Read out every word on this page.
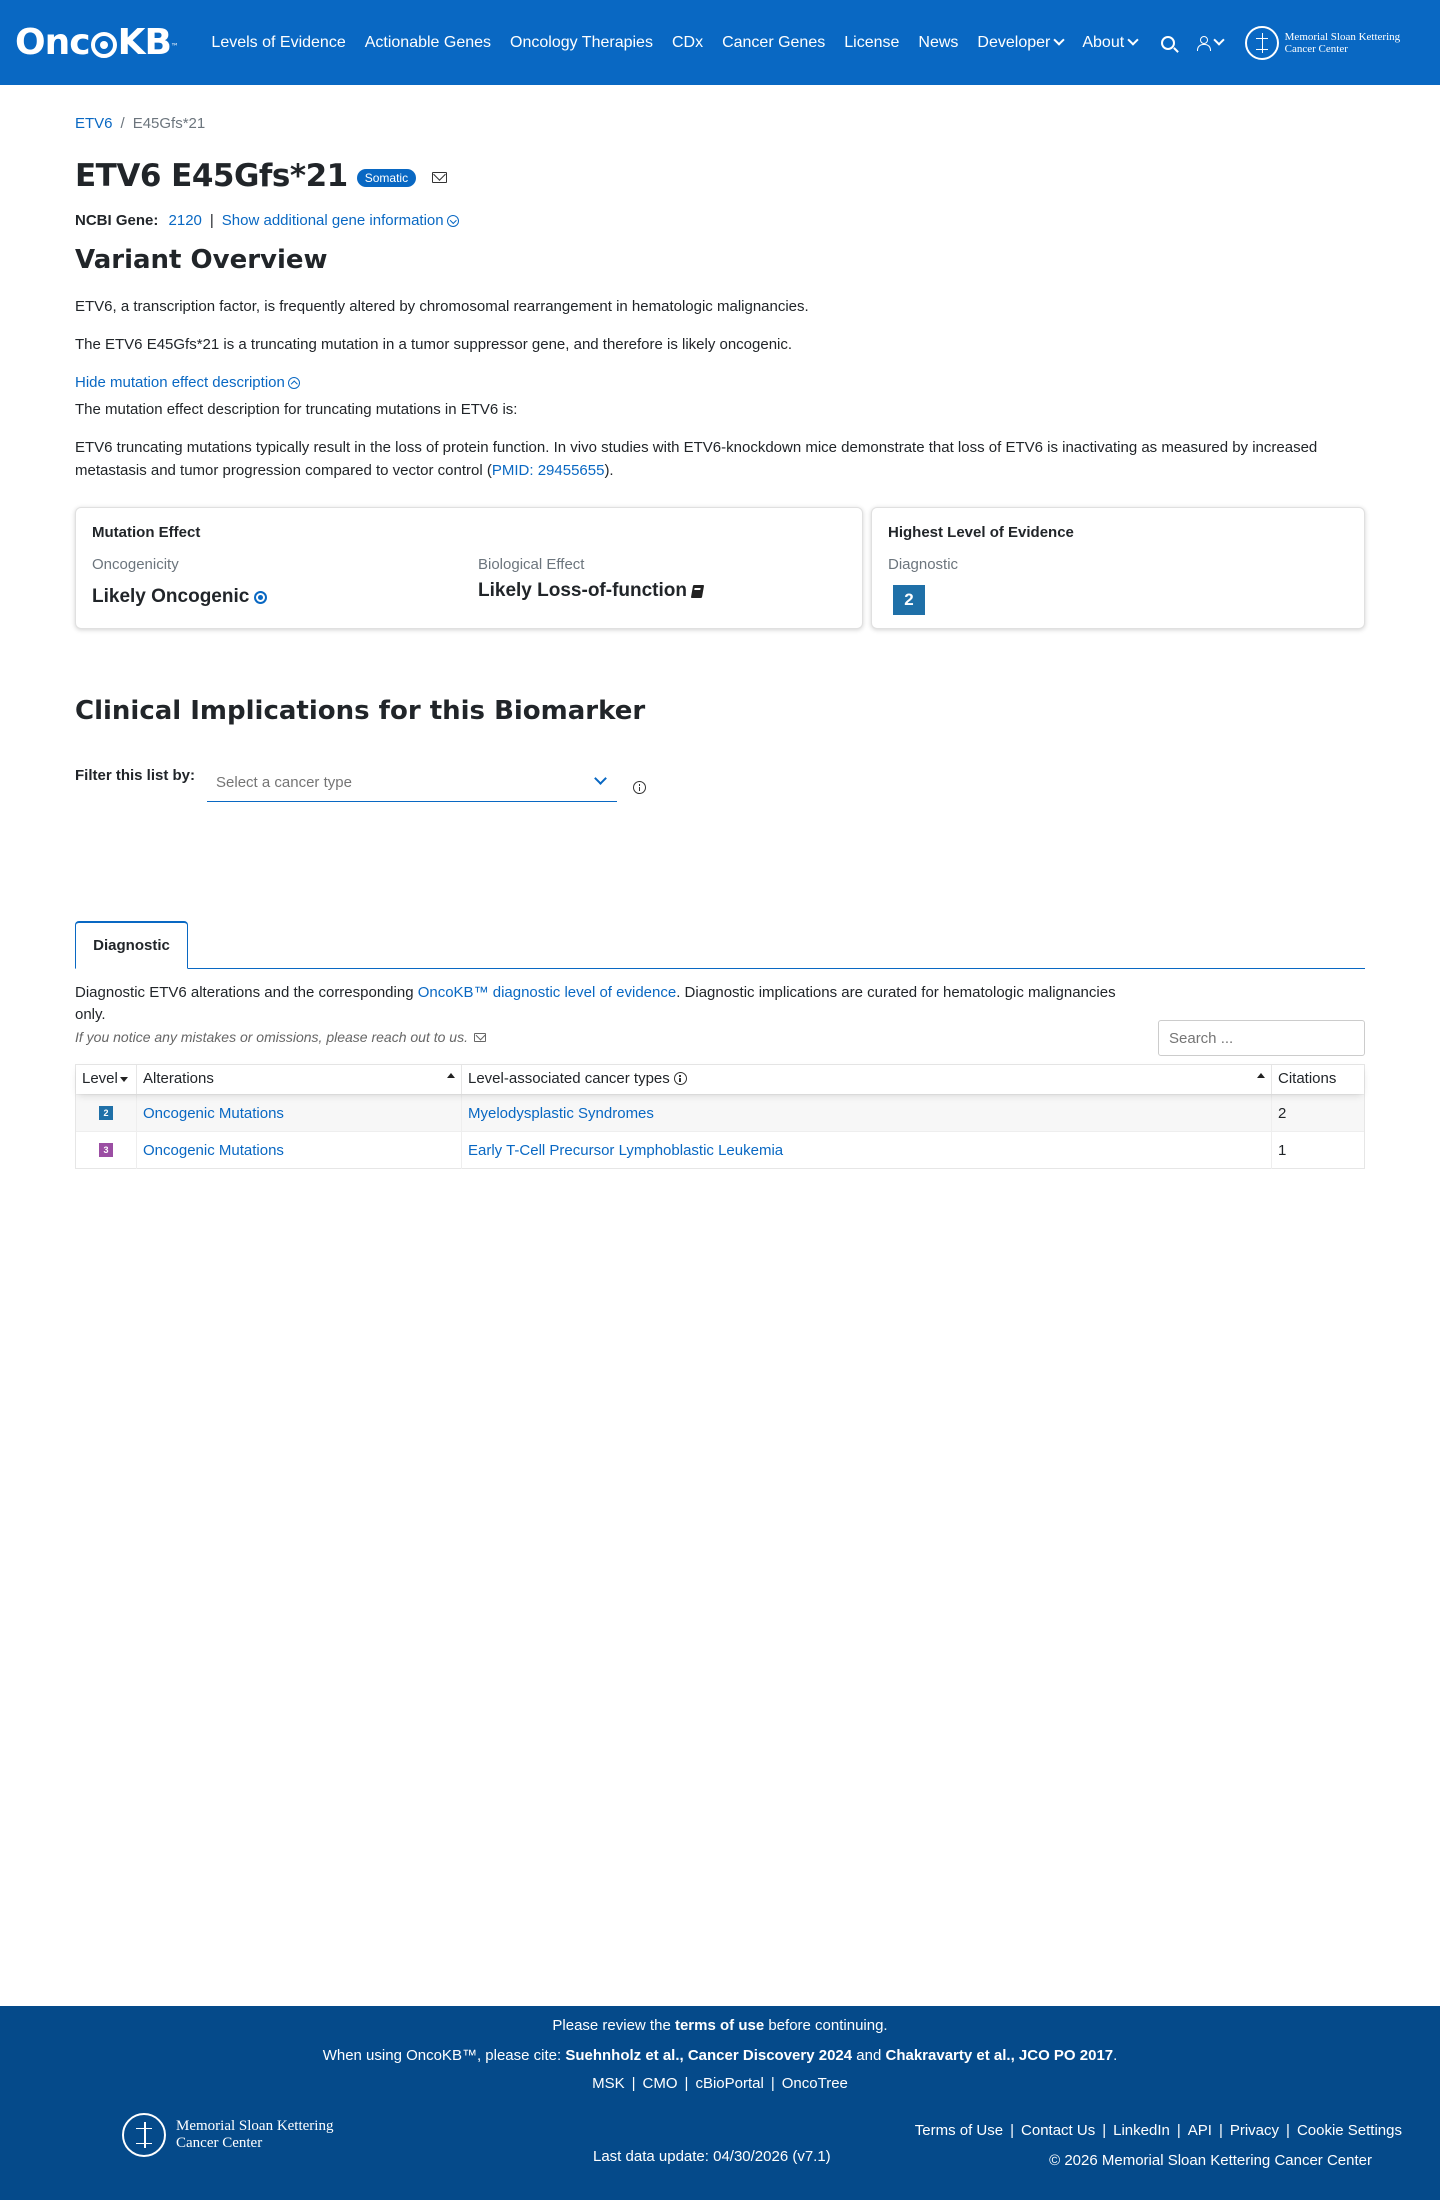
Onc KB ™ Levels of Evidence Actionable Genes Oncology Therapies CDx Cancer Genes License News Developer About	Memorial Sloan Kettering
Cancer Center
ETV6 / E45Gfs*21
ETV6 E45Gfs*21	Somatic
NCBI Gene: 2120 | Show additional gene information
Variant Overview

ETV6, a transcription factor, is frequently altered by chromosomal rearrangement in hematologic malignancies.

The ETV6 E45Gfs*21 is a truncating mutation in a tumor suppressor gene, and therefore is likely oncogenic.

Hide mutation effect description

The mutation effect description for truncating mutations in ETV6 is:

ETV6 truncating mutations typically result in the loss of protein function. In vivo studies with ETV6-knockdown mice demonstrate that loss of ETV6 is inactivating as measured by increased metastasis and tumor progression compared to vector control (PMID: 29455655).

Mutation Effect
Oncogenicity
Likely Oncogenic
Biological Effect
Likely Loss-of-function
Highest Level of Evidence
Diagnostic
2
Clinical Implications for this Biomarker
Filter this list by: Select a cancer type
Diagnostic

Diagnostic ETV6 alterations and the corresponding OncoKB™ diagnostic level of evidence. Diagnostic implications are curated for hematologic malignancies only.

If you notice any mistakes or omissions, please reach out to us.

Search ...
Level	Alterations	Level-associated cancer types	Citations
2	Oncogenic Mutations	Myelodysplastic Syndromes	2
3	Oncogenic Mutations	Early T-Cell Precursor Lymphoblastic Leukemia	1
Please review the terms of use before continuing.
When using OncoKB™, please cite: Suehnholz et al., Cancer Discovery 2024 and Chakravarty et al., JCO PO 2017.
MSK | CMO | cBioPortal | OncoTree
Memorial Sloan Kettering
Cancer Center
Last data update: 04/30/2026 (v7.1)
Terms of Use | Contact Us | LinkedIn | API | Privacy | Cookie Settings
© 2026 Memorial Sloan Kettering Cancer Center
